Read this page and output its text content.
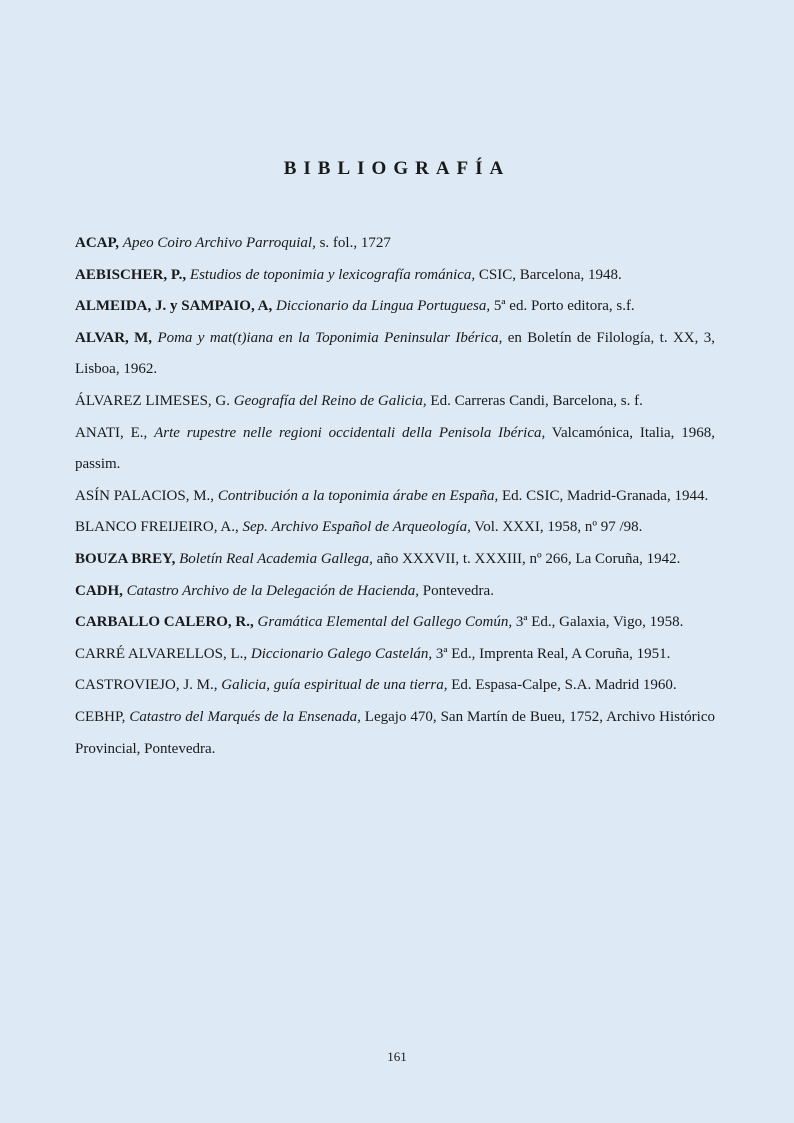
BIBLIOGRAFÍA
ACAP, Apeo Coiro Archivo Parroquial, s. fol., 1727
AEBISCHER, P., Estudios de toponimia y lexicografía románica, CSIC, Barcelona, 1948.
ALMEIDA, J. y SAMPAIO, A, Diccionario da Lingua Portuguesa, 5ª ed. Porto editora, s.f.
ALVAR, M, Poma y mat(t)iana en la Toponimia Peninsular Ibérica, en Boletín de Filología, t. XX, 3, Lisboa, 1962.
ÁLVAREZ LIMESES, G. Geografía del Reino de Galicia, Ed. Carreras Candi, Barcelona, s. f.
ANATI, E., Arte rupestre nelle regioni occidentali della Penisola Ibérica, Valcamónica, Italia, 1968, passim.
ASÍN PALACIOS, M., Contribución a la toponimia árabe en España, Ed. CSIC, Madrid-Granada, 1944.
BLANCO FREIJEIRO, A., Sep. Archivo Español de Arqueología, Vol. XXXI, 1958, nº 97 /98.
BOUZA BREY, Boletín Real Academia Gallega, año XXXVII, t. XXXIII, nº 266, La Coruña, 1942.
CADH, Catastro Archivo de la Delegación de Hacienda, Pontevedra.
CARBALLO CALERO, R., Gramática Elemental del Gallego Común, 3ª Ed., Galaxia, Vigo, 1958.
CARRÉ ALVARELLOS, L., Diccionario Galego Castelán, 3ª Ed., Imprenta Real, A Coruña, 1951.
CASTROVIEJO, J. M., Galicia, guía espiritual de una tierra, Ed. Espasa-Calpe, S.A. Madrid 1960.
CEBHP, Catastro del Marqués de la Ensenada, Legajo 470, San Martín de Bueu, 1752, Archivo Histórico Provincial, Pontevedra.
161
